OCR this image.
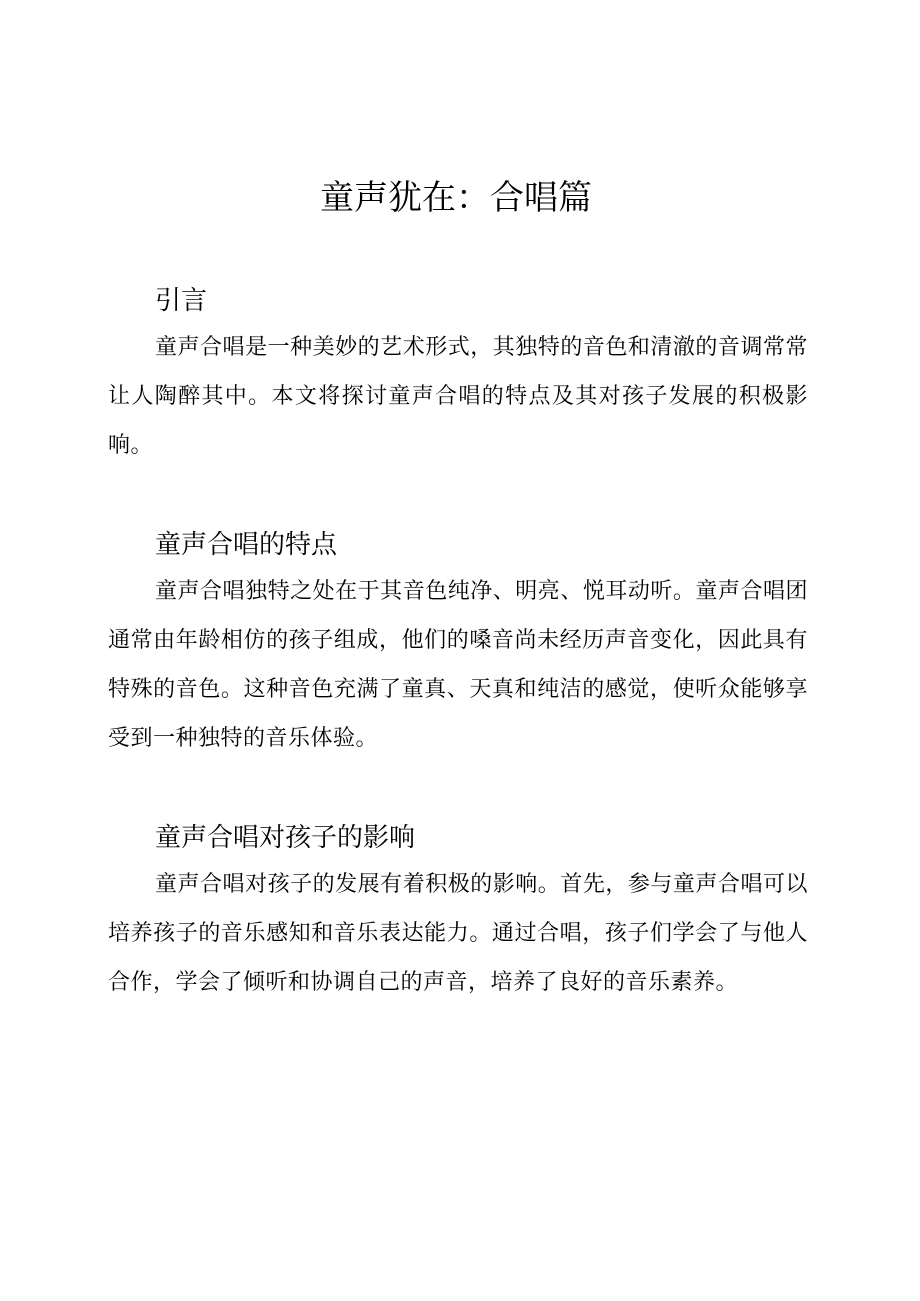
童声犹在：合唱篇
引言

童声合唱是一种美妙的艺术形式，其独特的音色和清澈的音调常常让人陶醉其中。本文将探讨童声合唱的特点及其对孩子发展的积极影响。

童声合唱的特点

童声合唱独特之处在于其音色纯净、明亮、悦耳动听。童声合唱团通常由年龄相仿的孩子组成，他们的嗓音尚未经历声音变化，因此具有特殊的音色。这种音色充满了童真、天真和纯洁的感觉，使听众能够享受到一种独特的音乐体验。

童声合唱对孩子的影响

童声合唱对孩子的发展有着积极的影响。首先，参与童声合唱可以培养孩子的音乐感知和音乐表达能力。通过合唱，孩子们学会了与他人合作，学会了倾听和协调自己的声音，培养了良好的音乐素养。
